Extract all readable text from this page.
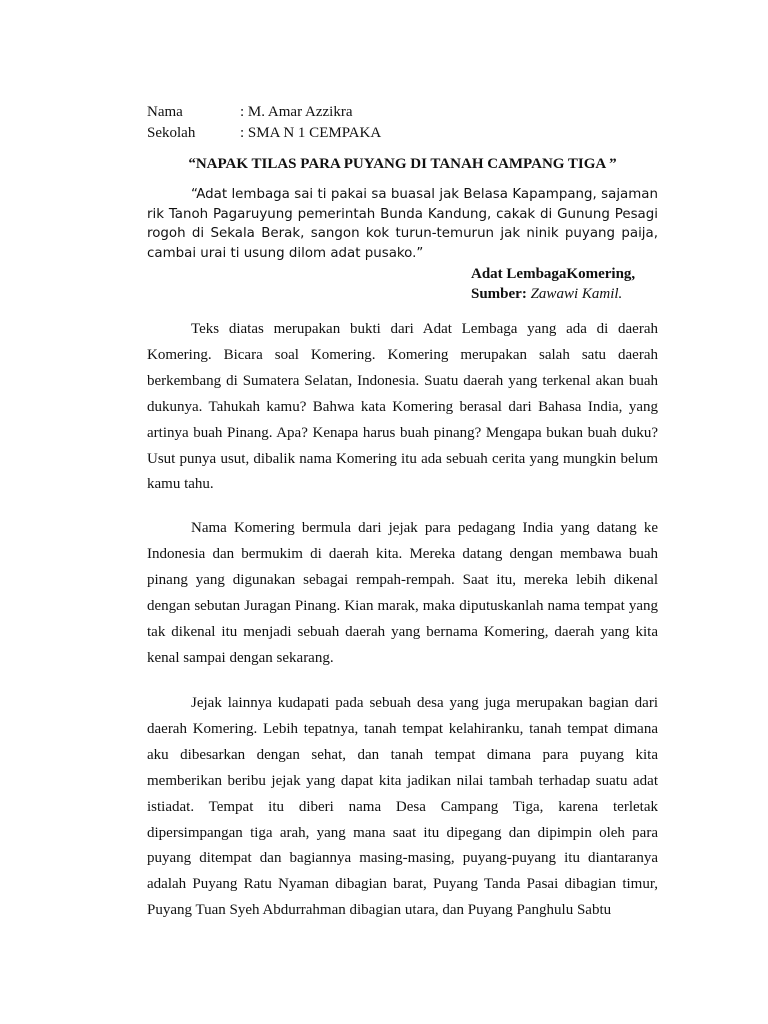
Nama	: M. Amar Azzikra
Sekolah	: SMA N 1 CEMPAKA
“NAPAK TILAS PARA PUYANG DI TANAH CAMPANG TIGA ”

“Adat lembaga sai ti pakai sa buasal jak Belasa Kapampang, sajaman rik Tanoh Pagaruyung pemerintah Bunda Kandung, cakak di Gunung Pesagi rogoh di Sekala Berak, sangon kok turun-temurun jak ninik puyang paija, cambai urai ti usung dilom adat pusako.”

Adat LembagaKomering,
Sumber: Zawawi Kamil.

Teks diatas merupakan bukti dari Adat Lembaga yang ada di daerah Komering. Bicara soal Komering. Komering merupakan salah satu daerah berkembang di Sumatera Selatan, Indonesia. Suatu daerah yang terkenal akan buah dukunya. Tahukah kamu? Bahwa kata Komering berasal dari Bahasa India, yang artinya buah Pinang. Apa? Kenapa harus buah pinang? Mengapa bukan buah duku? Usut punya usut, dibalik nama Komering itu ada sebuah cerita yang mungkin belum kamu tahu.

Nama Komering bermula dari jejak para pedagang India yang datang ke Indonesia dan bermukim di daerah kita. Mereka datang dengan membawa buah pinang yang digunakan sebagai rempah-rempah. Saat itu, mereka lebih dikenal dengan sebutan Juragan Pinang. Kian marak, maka diputuskanlah nama tempat yang tak dikenal itu menjadi sebuah daerah yang bernama Komering, daerah yang kita kenal sampai dengan sekarang.

Jejak lainnya kudapati pada sebuah desa yang juga merupakan bagian dari daerah Komering. Lebih tepatnya, tanah tempat kelahiranku, tanah tempat dimana aku dibesarkan dengan sehat, dan tanah tempat dimana para puyang kita memberikan beribu jejak yang dapat kita jadikan nilai tambah terhadap suatu adat istiadat. Tempat itu diberi nama Desa Campang Tiga, karena terletak dipersimpangan tiga arah, yang mana saat itu dipegang dan dipimpin oleh para puyang ditempat dan bagiannya masing-masing, puyang-puyang itu diantaranya adalah Puyang Ratu Nyaman dibagian barat, Puyang Tanda Pasai dibagian timur, Puyang Tuan Syeh Abdurrahman dibagian utara, dan Puyang Panghulu Sabtu
